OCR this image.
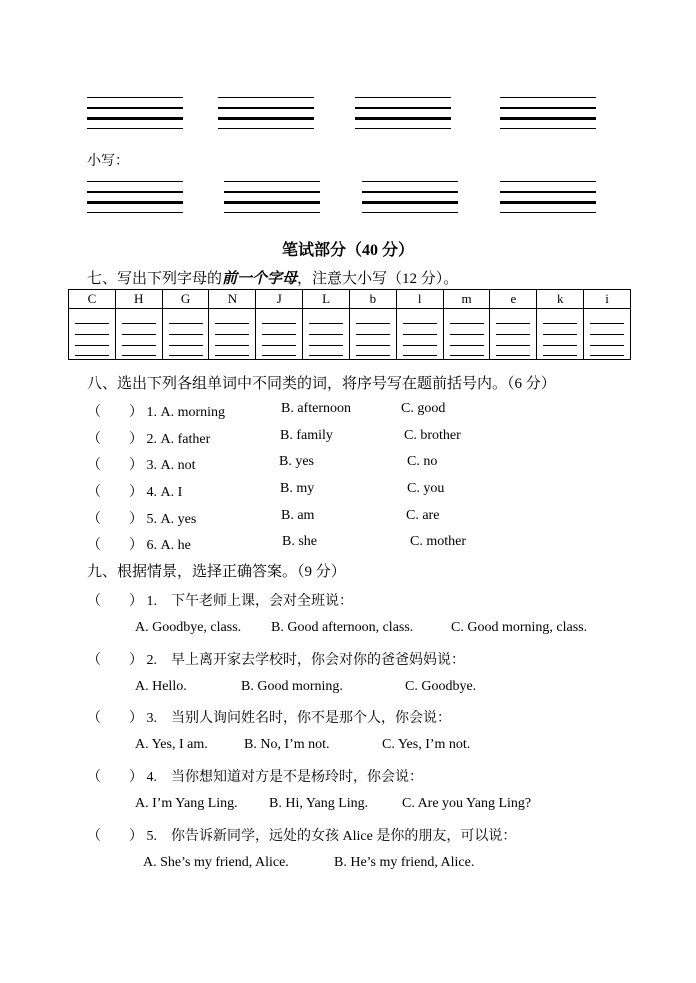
小写：
笔试部分（40 分）
七、写出下列字母的前一个字母，注意大小写（12 分）。
C	H	G	N	J	L	b	l	m	e	k	i

八、选出下列各组单词中不同类的词，将序号写在题前括号内。（6 分）
（　　） 1. A. morning	B. afternoon	C. good
（　　） 2. A. father	B. family	C. brother
（　　） 3. A. not	B. yes	C. no
（　　） 4. A. I	B. my	C. you
（　　） 5. A. yes	B. am	C. are
（　　） 6. A. he	B. she	C. mother
九、根据情景，选择正确答案。（9 分）
（　　） 1.　下午老师上课，会对全班说：
A. Goodbye, class. B. Good afternoon, class.	C. Good morning, class.
（　　） 2.　早上离开家去学校时，你会对你的爸爸妈妈说：
A. Hello.	B. Good morning.	C. Goodbye.
（　　） 3.　当别人询问姓名时，你不是那个人，你会说：
A. Yes, I am.	B. No, I’m not.	C. Yes, I’m not.
（　　） 4.　当你想知道对方是不是杨玲时，你会说：
A. I’m Yang Ling. B. Hi, Yang Ling. C. Are you Yang Ling?
（　　） 5.　你告诉新同学，远处的女孩 Alice 是你的朋友，可以说：
A. She’s my friend, Alice.	B. He’s my friend, Alice.
